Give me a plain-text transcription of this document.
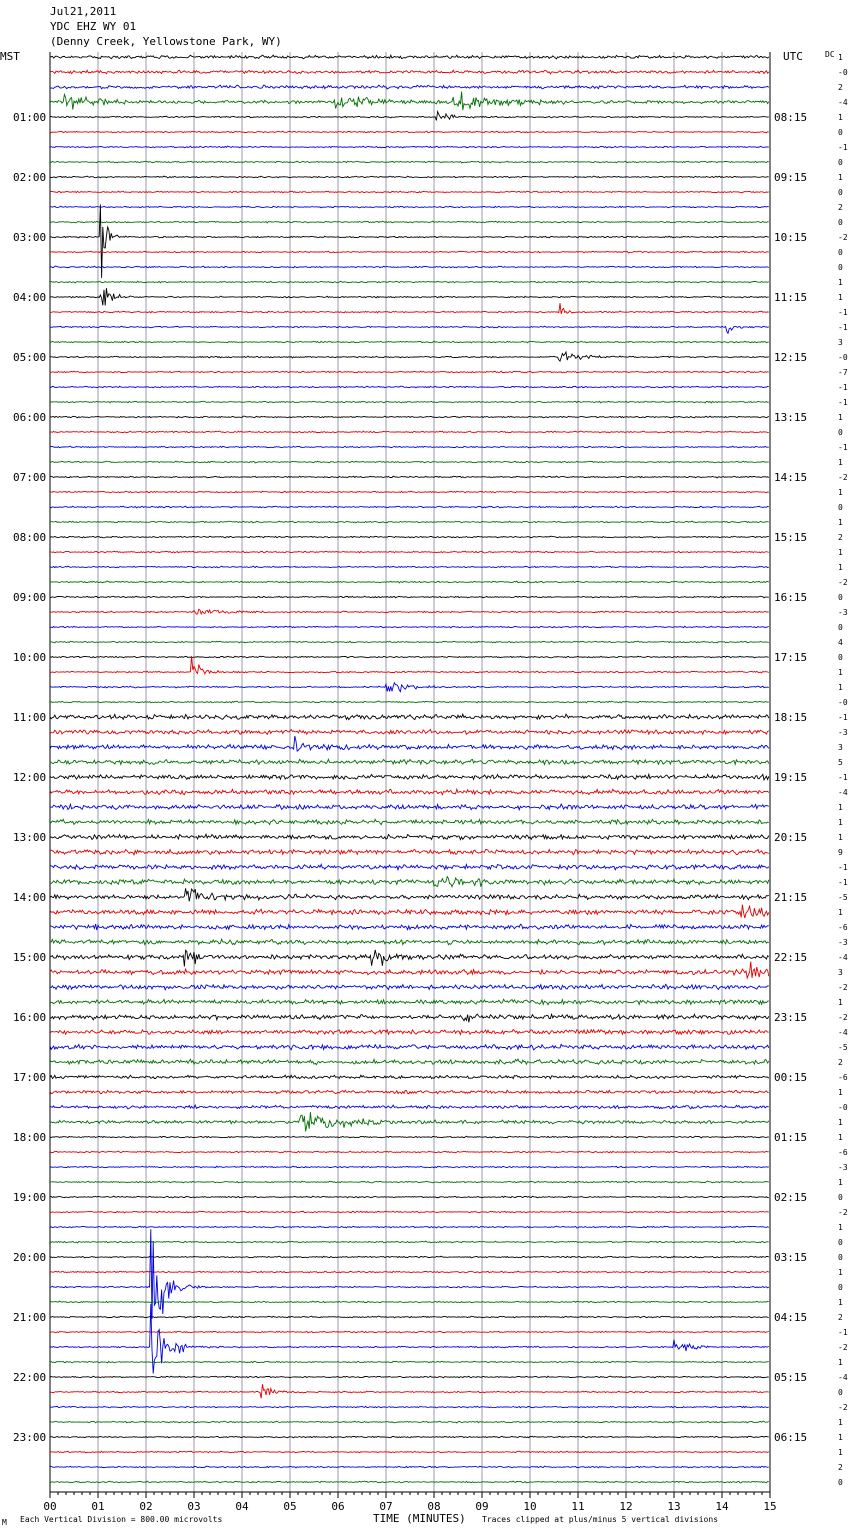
Jul21,2011
YDC EHZ WY 01
(Denny Creek, Yellowstone Park, WY)
MST	UTC	DC
01:00
02:00
03:00
04:00
05:00
06:00
07:00
08:00
09:00
10:00
11:00
12:00
13:00
14:00
15:00
16:00
17:00
18:00
19:00
20:00
21:00
22:00
23:00
08:15
09:15
10:15
11:15
12:15
13:15
14:15
15:15
16:15
17:15
18:15
19:15
20:15
21:15
22:15
23:15
00:15
01:15
02:15
03:15
04:15
05:15
06:15
1
-0
2
-4
1
0
-1
0
1
0
2
0
-2
0
0
1
1
-1
-1
3
-0
-7
-1
-1
1
0
-1
1
-2
1
0
1
2
1
1
-2
0
-3
0
4
0
1
1
-0
-1
-3
3
5
-1
-4
1
1
1
9
-1
-1
-5
1
-6
-3
-4
3
-2
1
-2
-4
-5
2
-6
1
-0
1
1
-6
-3
1
0
-2
1
0
0
1
0
1
2
-1
-2
1
-4
0
-2
1
1
1
2
0
00	01	02	03	04	05	06	07	08	09	10	11	12	13	14	15
TIME (MINUTES)
M Each Vertical Division = 800.00 microvolts	Traces clipped at plus/minus 5 vertical divisions
